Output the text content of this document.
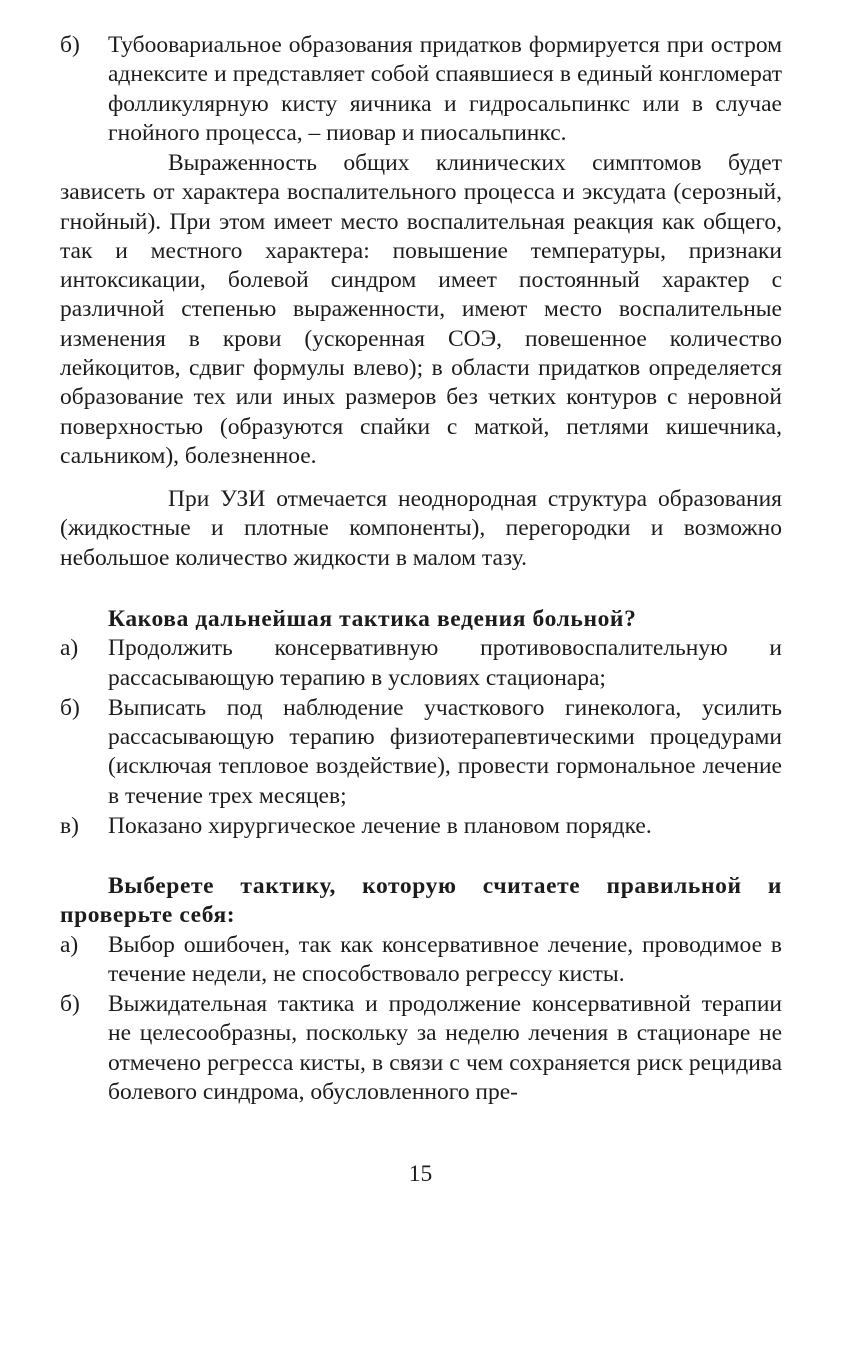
б)	Тубоовариальное образования придатков формируется при остром аднексите и представляет собой спаявшиеся в единый конгломерат фолликулярную кисту яичника и гидросальпинкс или в случае гнойного процесса, – пиовар и пиосальпинкс.

Выраженность общих клинических симптомов будет зависеть от характера воспалительного процесса и эксудата (серозный, гнойный). При этом имеет место воспалительная реакция как общего, так и местного характера: повышение температуры, признаки интоксикации, болевой синдром имеет постоянный характер с различной степенью выраженности, имеют место воспалительные изменения в крови (ускоренная СОЭ, повешенное количество лейкоцитов, сдвиг формулы влево); в области придатков определяется образование тех или иных размеров без четких контуров с неровной поверхностью (образуются спайки с маткой, петлями кишечника, сальником), болезненное.

При УЗИ отмечается неоднородная структура образования (жидкостные и плотные компоненты), перегородки и возможно небольшое количество жидкости в малом тазу.

Какова дальнейшая тактика ведения больной?

а)	Продолжить консервативную противовоспалительную и рассасывающую терапию в условиях стационара;
б)	Выписать под наблюдение участкового гинеколога, усилить рассасывающую терапию физиотерапевтическими процедурами (исключая тепловое воздействие), провести гормональное лечение в течение трех месяцев;
в)	Показано хирургическое лечение в плановом порядке.

Выберете тактику, которую считаете правильной и проверьте себя:

а)	Выбор ошибочен, так как консервативное лечение, проводимое в течение недели, не способствовало регрессу кисты.
б)	Выжидательная тактика и продолжение консервативной терапии не целесообразны, поскольку за неделю лечения в стационаре не отмечено регресса кисты, в связи с чем сохраняется риск рецидива болевого синдрома, обусловленного пре-
15
